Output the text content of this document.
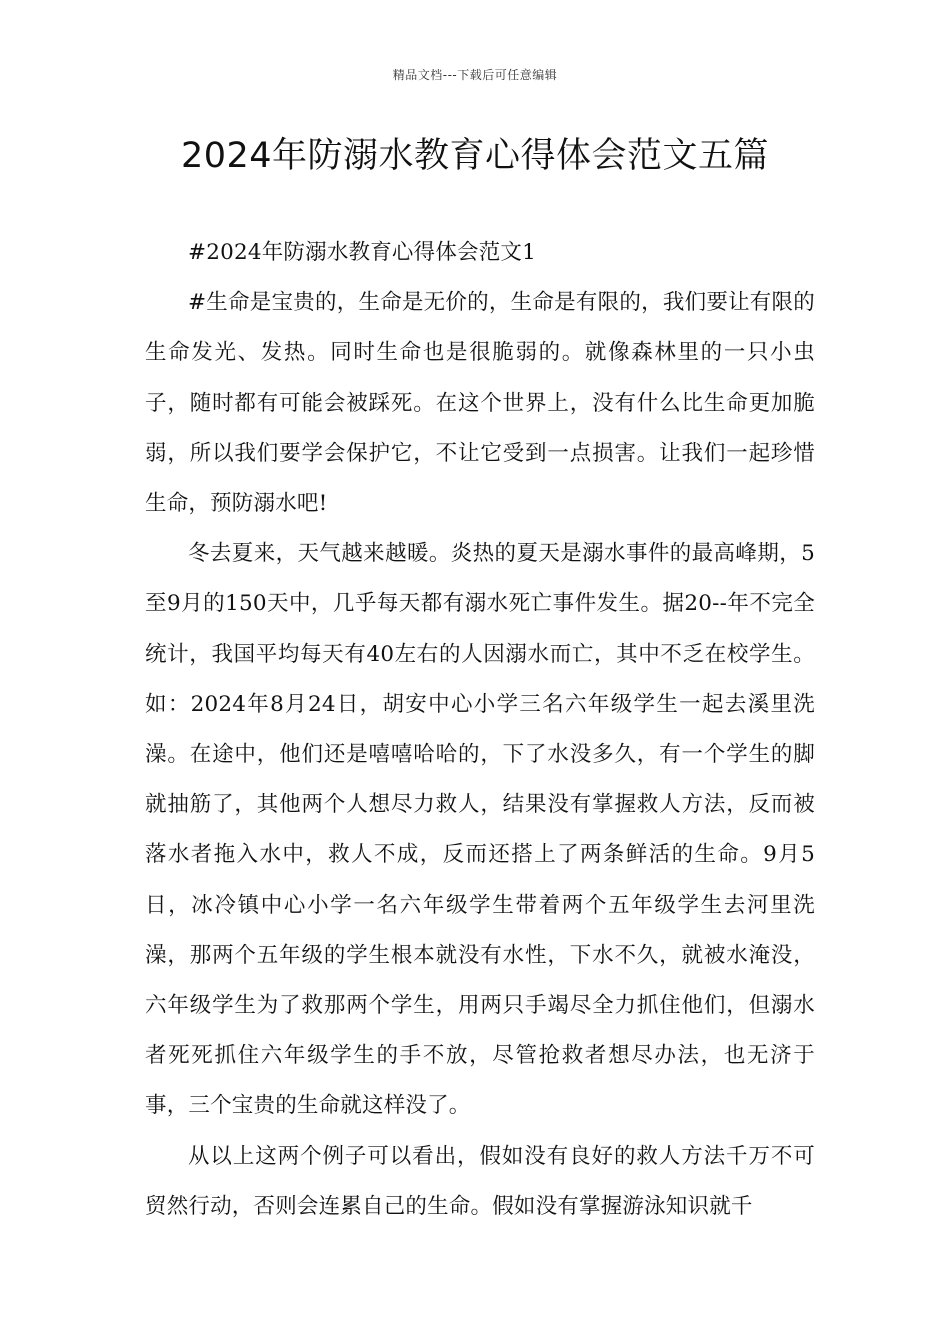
精品文档---下载后可任意编辑
2024年防溺水教育心得体会范文五篇

#2024年防溺水教育心得体会范文1

#生命是宝贵的，生命是无价的，生命是有限的，我们要让有限的生命发光、发热。同时生命也是很脆弱的。就像森林里的一只小虫子，随时都有可能会被踩死。在这个世界上，没有什么比生命更加脆弱，所以我们要学会保护它，不让它受到一点损害。让我们一起珍惜生命，预防溺水吧!

冬去夏来，天气越来越暖。炎热的夏天是溺水事件的最高峰期，5至9月的150天中，几乎每天都有溺水死亡事件发生。据20--年不完全统计，我国平均每天有40左右的人因溺水而亡，其中不乏在校学生。如：2024年8月24日，胡安中心小学三名六年级学生一起去溪里洗澡。在途中，他们还是嘻嘻哈哈的，下了水没多久，有一个学生的脚就抽筋了，其他两个人想尽力救人，结果没有掌握救人方法，反而被落水者拖入水中，救人不成，反而还搭上了两条鲜活的生命。9月5日，冰冷镇中心小学一名六年级学生带着两个五年级学生去河里洗澡，那两个五年级的学生根本就没有水性，下水不久，就被水淹没，六年级学生为了救那两个学生，用两只手竭尽全力抓住他们，但溺水者死死抓住六年级学生的手不放，尽管抢救者想尽办法，也无济于事，三个宝贵的生命就这样没了。

从以上这两个例子可以看出，假如没有良好的救人方法千万不可贸然行动，否则会连累自己的生命。假如没有掌握游泳知识就千
